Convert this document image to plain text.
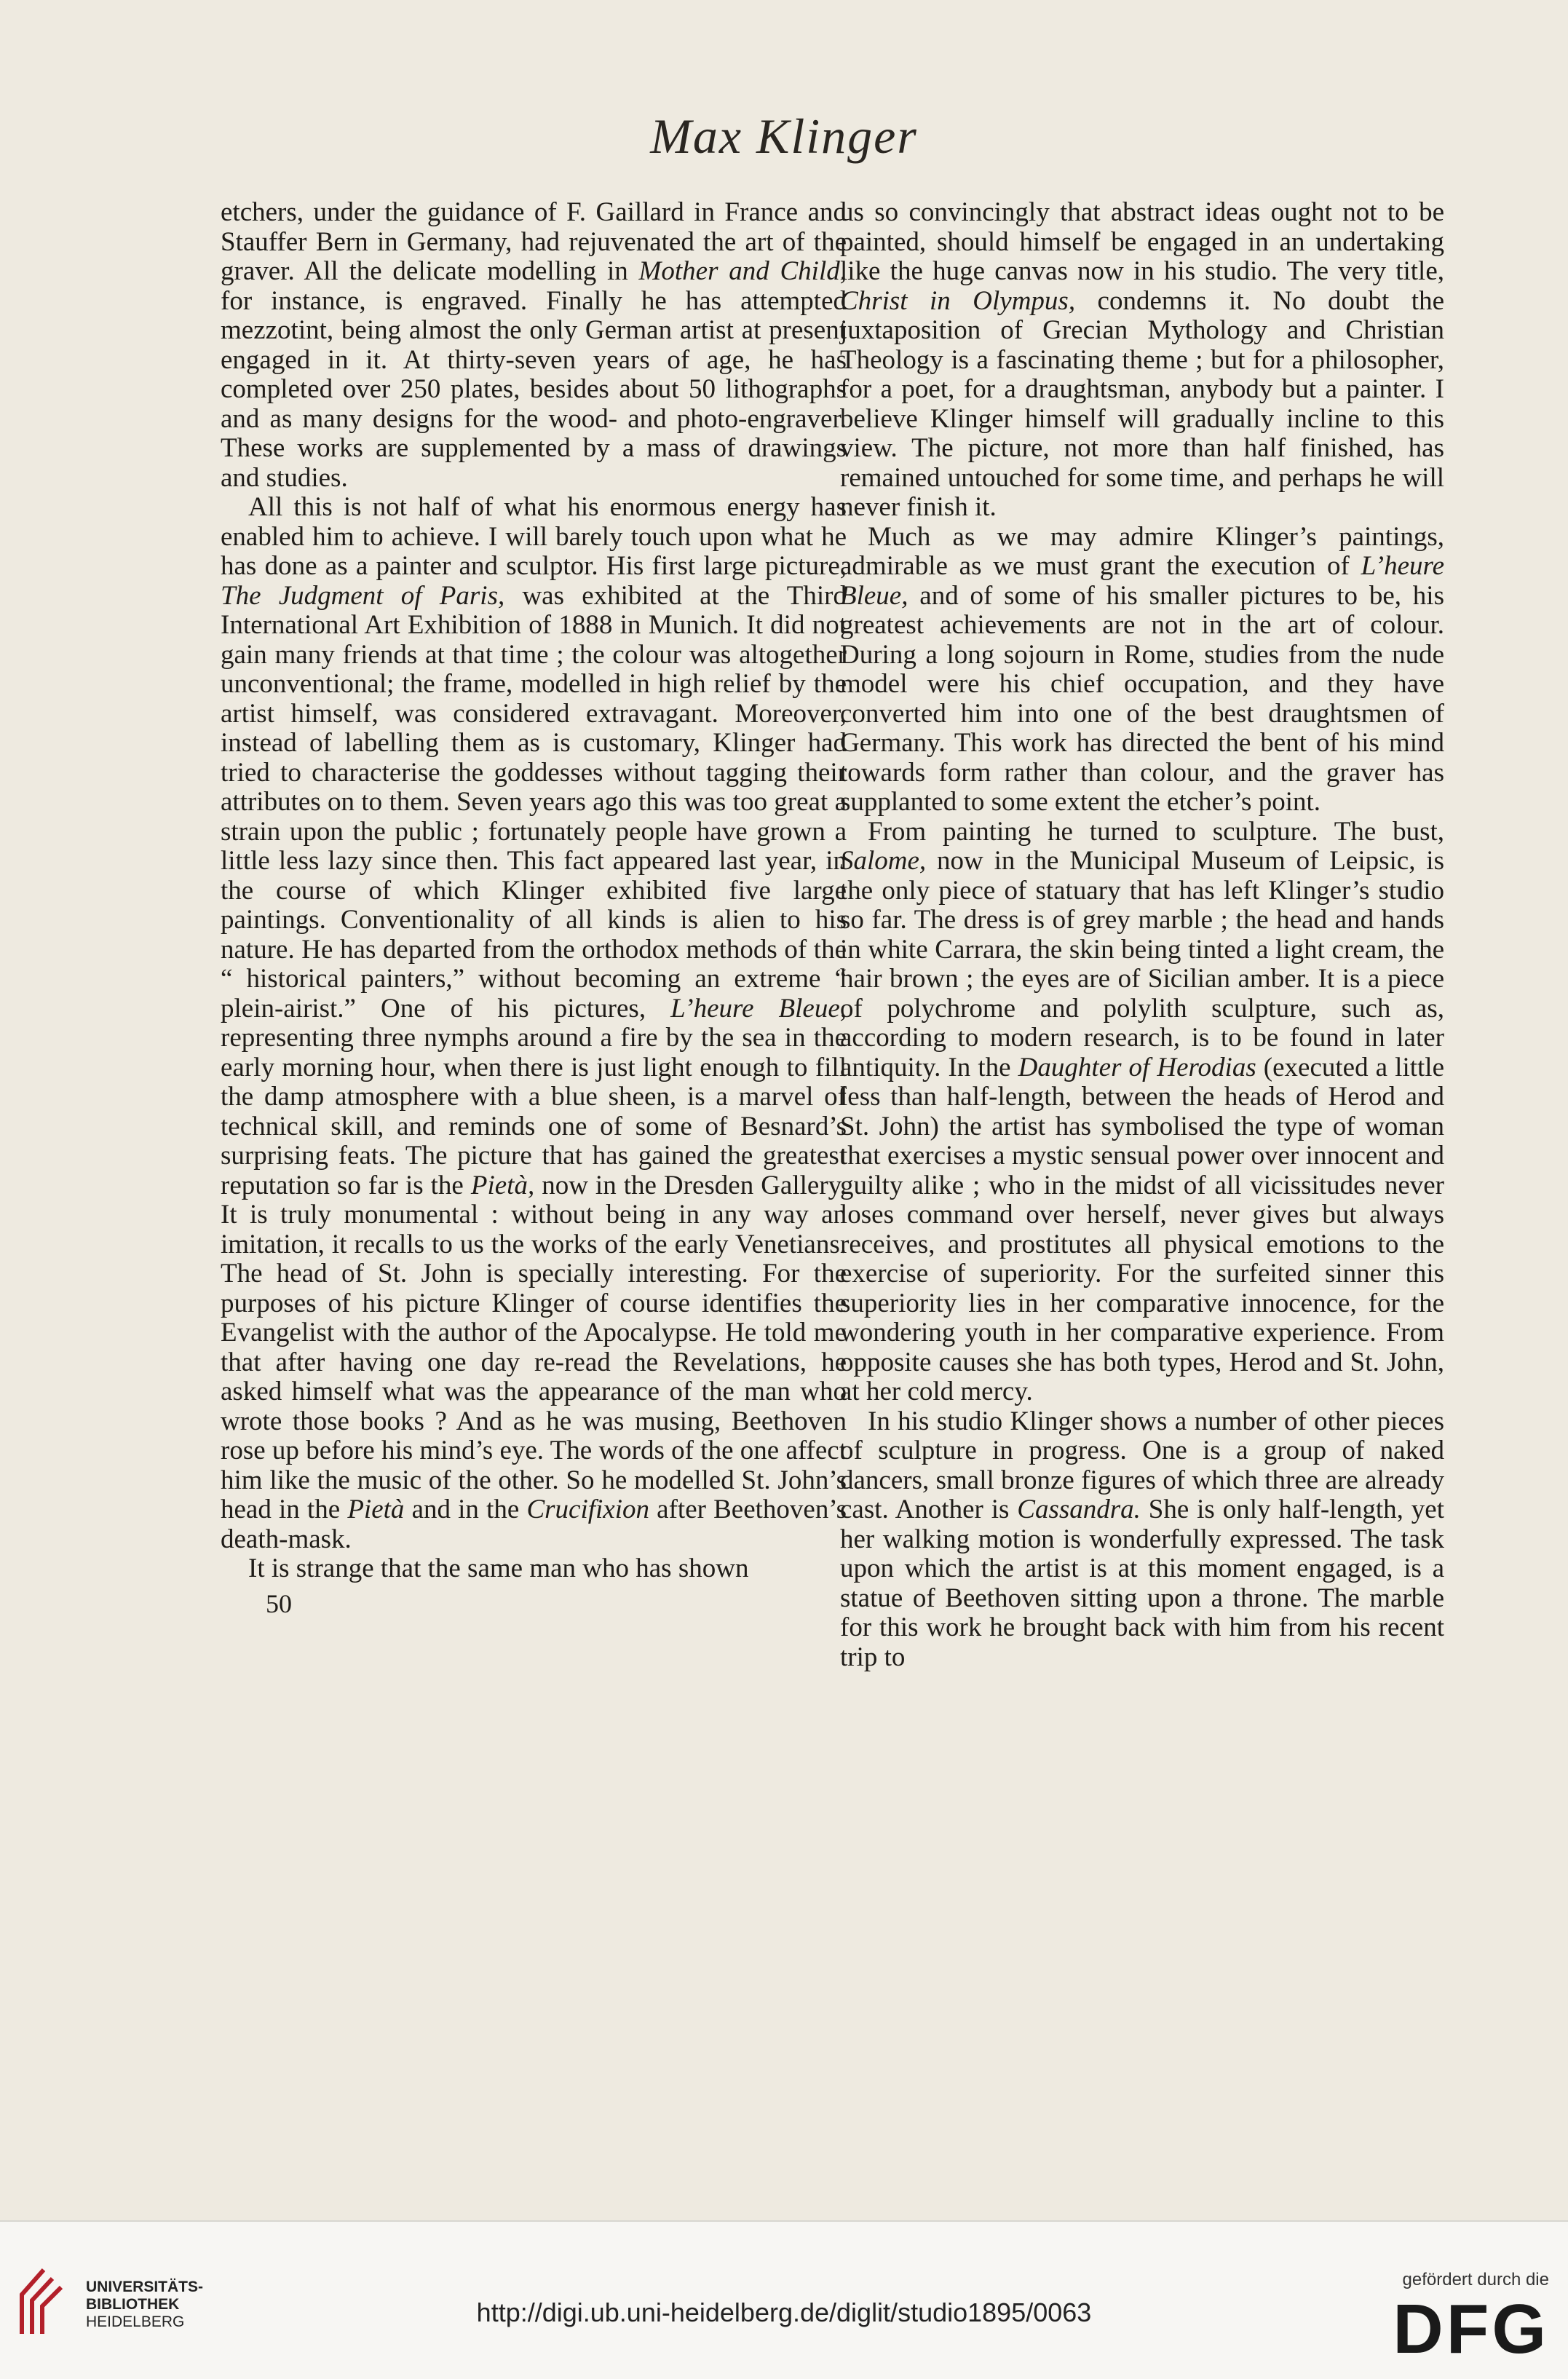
Max Klinger

etchers, under the guidance of F. Gaillard in France and Stauffer Bern in Germany, had rejuvenated the art of the graver. All the delicate modelling in Mother and Child, for instance, is engraved. Finally he has attempted mezzotint, being almost the only German artist at present engaged in it. At thirty-seven years of age, he has completed over 250 plates, besides about 50 lithographs and as many designs for the wood- and photo-engraver. These works are supplemented by a mass of drawings and studies.

All this is not half of what his enormous energy has enabled him to achieve. I will barely touch upon what he has done as a painter and sculptor. His first large picture, The Judgment of Paris, was exhibited at the Third International Art Exhibition of 1888 in Munich. It did not gain many friends at that time ; the colour was altogether unconventional; the frame, modelled in high relief by the artist himself, was considered extravagant. Moreover, instead of labelling them as is customary, Klinger had tried to characterise the goddesses without tagging their attributes on to them. Seven years ago this was too great a strain upon the public ; fortunately people have grown a little less lazy since then. This fact appeared last year, in the course of which Klinger exhibited five large paintings. Conventionality of all kinds is alien to his nature. He has departed from the orthodox methods of the “ historical painters,” without becoming an extreme “ plein-airist.” One of his pictures, L’heure Bleue, representing three nymphs around a fire by the sea in the early morning hour, when there is just light enough to fill the damp atmosphere with a blue sheen, is a marvel of technical skill, and reminds one of some of Besnard’s surprising feats. The picture that has gained the greatest reputation so far is the Pietà, now in the Dresden Gallery. It is truly monumental : without being in any way an imitation, it recalls to us the works of the early Venetians. The head of St. John is specially interesting. For the purposes of his picture Klinger of course identifies the Evangelist with the author of the Apocalypse. He told me that after having one day re-read the Revelations, he asked himself what was the appearance of the man who wrote those books ? And as he was musing, Beethoven rose up before his mind’s eye. The words of the one affect him like the music of the other. So he modelled St. John’s head in the Pietà and in the Crucifixion after Beethoven’s death-mask.

It is strange that the same man who has shown

us so convincingly that abstract ideas ought not to be painted, should himself be engaged in an undertaking like the huge canvas now in his studio. The very title, Christ in Olympus, condemns it. No doubt the juxtaposition of Grecian Mythology and Christian Theology is a fascinating theme ; but for a philosopher, for a poet, for a draughtsman, anybody but a painter. I believe Klinger himself will gradually incline to this view. The picture, not more than half finished, has remained untouched for some time, and perhaps he will never finish it.

Much as we may admire Klinger’s paintings, admirable as we must grant the execution of L’heure Bleue, and of some of his smaller pictures to be, his greatest achievements are not in the art of colour. During a long sojourn in Rome, studies from the nude model were his chief occupation, and they have converted him into one of the best draughtsmen of Germany. This work has directed the bent of his mind towards form rather than colour, and the graver has supplanted to some extent the etcher’s point.

From painting he turned to sculpture. The bust, Salome, now in the Municipal Museum of Leipsic, is the only piece of statuary that has left Klinger’s studio so far. The dress is of grey marble ; the head and hands in white Carrara, the skin being tinted a light cream, the hair brown ; the eyes are of Sicilian amber. It is a piece of polychrome and polylith sculpture, such as, according to modern research, is to be found in later antiquity. In the Daughter of Herodias (executed a little less than half-length, between the heads of Herod and St. John) the artist has symbolised the type of woman that exercises a mystic sensual power over innocent and guilty alike ; who in the midst of all vicissitudes never loses command over herself, never gives but always receives, and prostitutes all physical emotions to the exercise of superiority. For the surfeited sinner this superiority lies in her comparative innocence, for the wondering youth in her comparative experience. From opposite causes she has both types, Herod and St. John, at her cold mercy.

In his studio Klinger shows a number of other pieces of sculpture in progress. One is a group of naked dancers, small bronze figures of which three are already cast. Another is Cassandra. She is only half-length, yet her walking motion is wonderfully expressed. The task upon which the artist is at this moment engaged, is a statue of Beethoven sitting upon a throne. The marble for this work he brought back with him from his recent trip to

50
UNIVERSITÄTS-
BIBLIOTHEK
HEIDELBERG	http://digi.ub.uni-heidelberg.de/diglit/studio1895/0063
gefördert durch die
DFG
